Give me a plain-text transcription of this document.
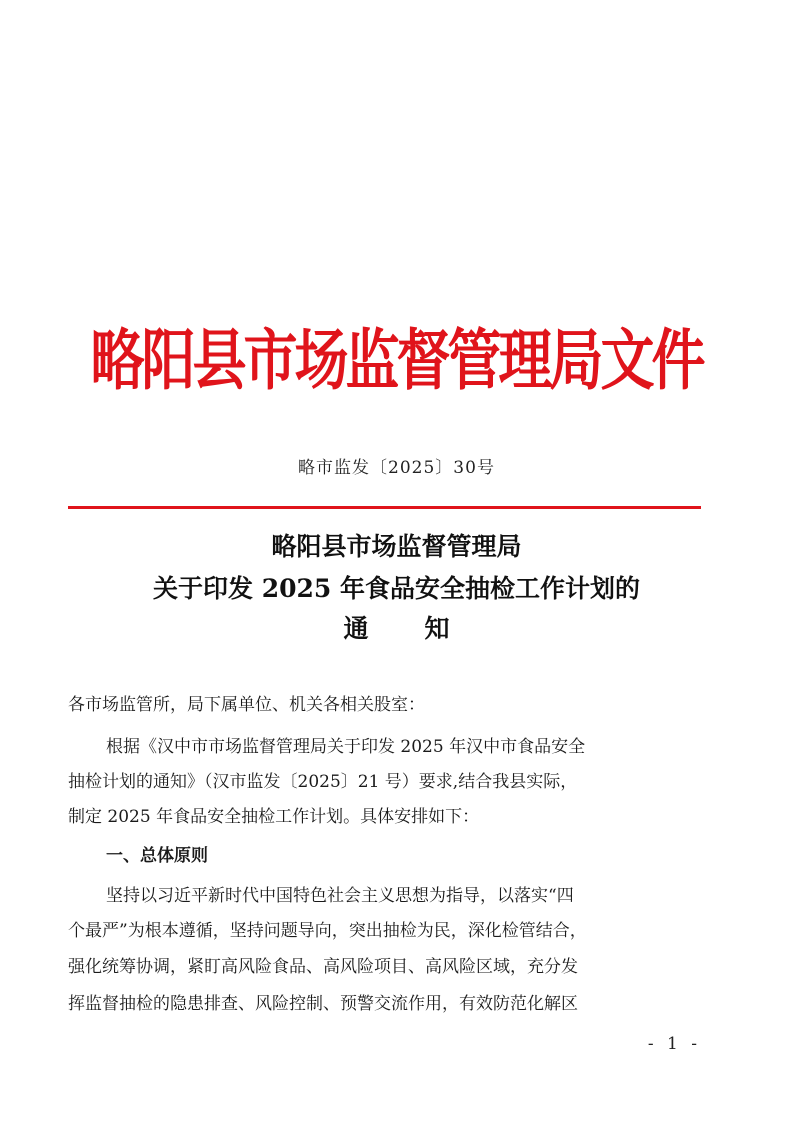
略阳县市场监督管理局文件
略市监发〔2025〕30号
略阳县市场监督管理局
关于印发 2025 年食品安全抽检工作计划的
通知
各市场监管所，局下属单位、机关各相关股室：
根据《汉中市市场监督管理局关于印发 2025 年汉中市食品安全
抽检计划的通知》（汉市监发〔2025〕21 号）要求,结合我县实际，
制定 2025 年食品安全抽检工作计划。具体安排如下：
一、总体原则
坚持以习近平新时代中国特色社会主义思想为指导，以落实“四
个最严”为根本遵循，坚持问题导向，突出抽检为民，深化检管结合，
强化统筹协调，紧盯高风险食品、高风险项目、高风险区域，充分发
挥监督抽检的隐患排查、风险控制、预警交流作用，有效防范化解区
- 1 -
